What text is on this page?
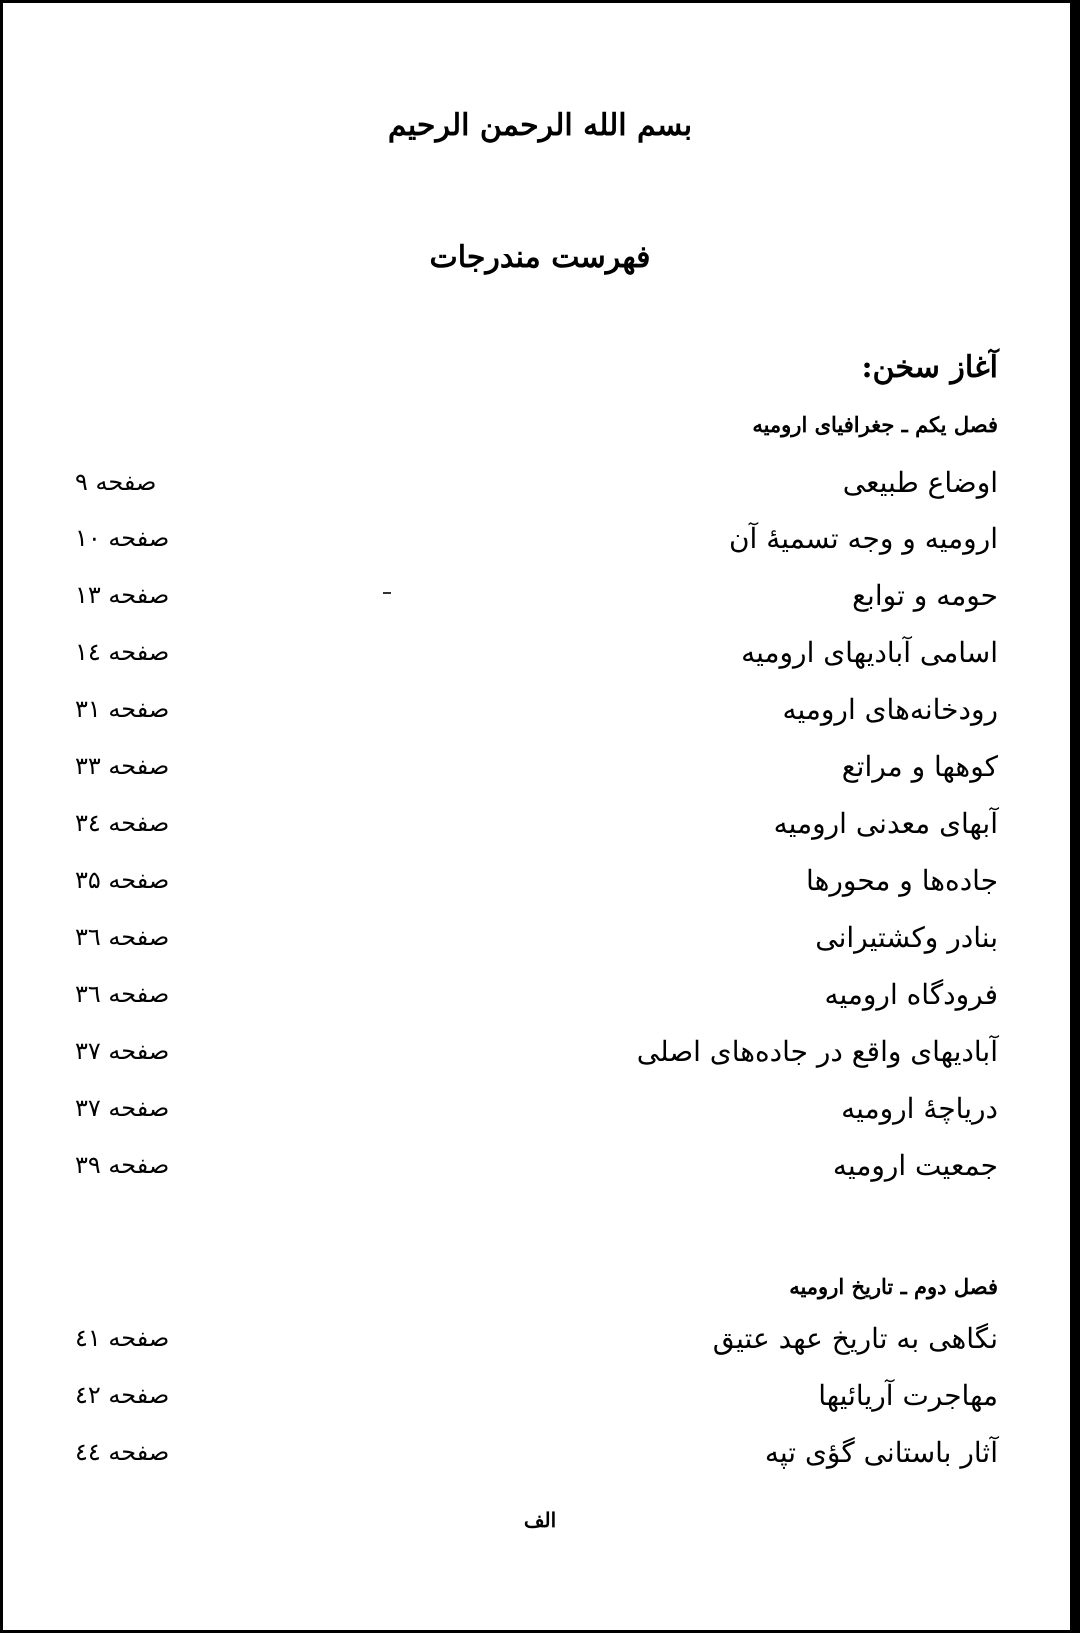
بسم الله الرحمن الرحیم
فهرست مندرجات
آغاز سخن:
فصل یکم ـ جغرافیای ارومیه
اوضاع طبیعی
صفحه ۹
ارومیه و وجه تسمیهٔ آن
صفحه ۱۰
حومه و توابع
صفحه ۱۳
اسامی آبادیهای ارومیه
صفحه ۱٤
رودخانه‌های ارومیه
صفحه ۳۱
کوهها و مراتع
صفحه ۳۳
آبهای معدنی ارومیه
صفحه ۳٤
جاده‌ها و محورها
صفحه ۳۵
بنادر وکشتیرانی
صفحه ۳٦
فرودگاه ارومیه
صفحه ۳٦
آبادیهای واقع در جاده‌های اصلی
صفحه ۳۷
دریاچهٔ ارومیه
صفحه ۳۷
جمعیت ارومیه
صفحه ۳۹
فصل دوم ـ تاریخ ارومیه
نگاهی به تاریخ عهد عتیق
صفحه ٤۱
مهاجرت آریائیها
صفحه ٤۲
آثار باستانی گؤی تپه
صفحه ٤٤
الف
